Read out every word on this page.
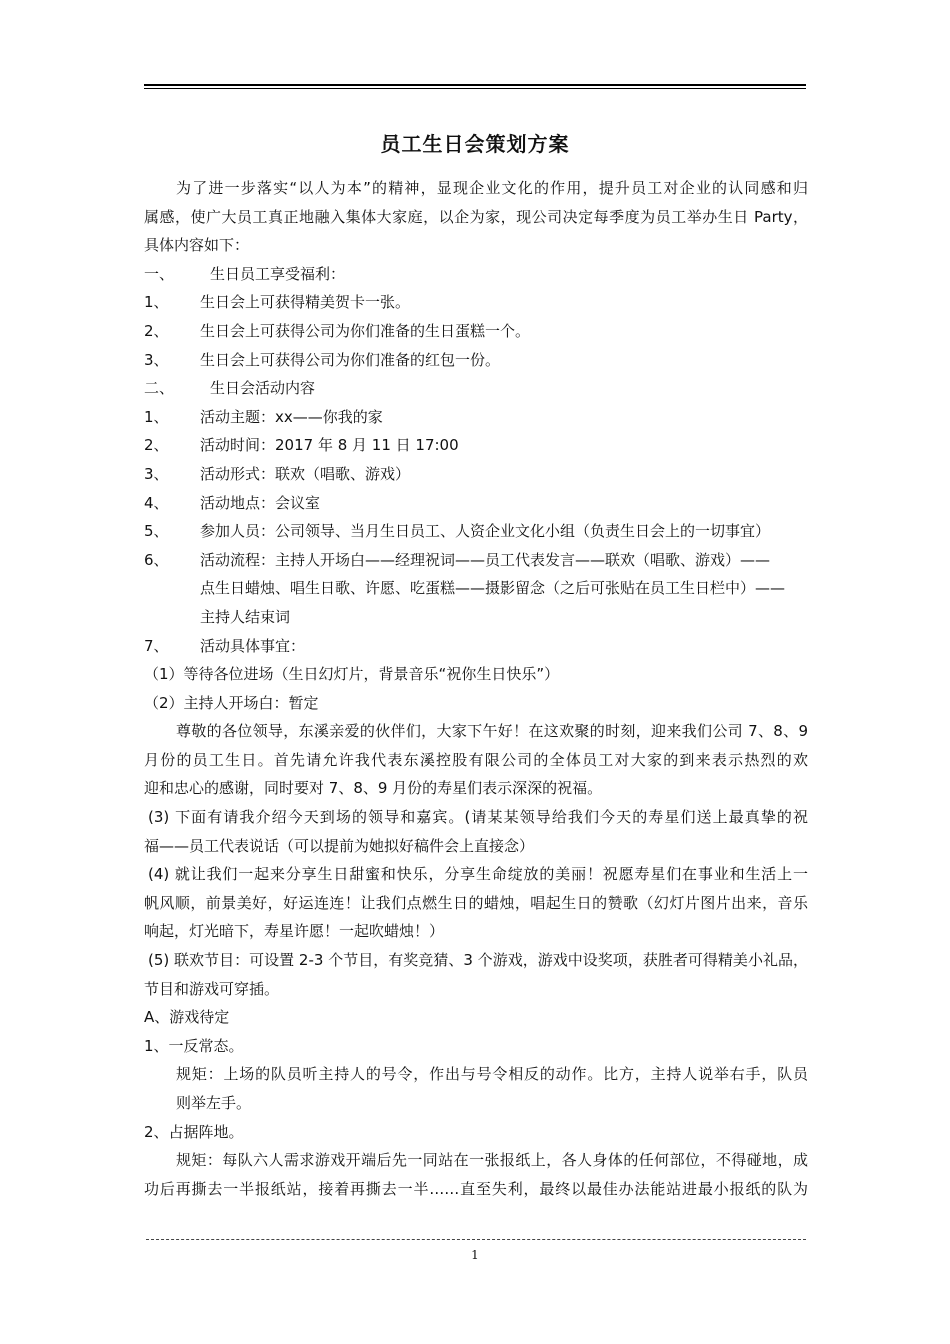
员工生日会策划方案
为了进一步落实“以人为本”的精神，显现企业文化的作用，提升员工对企业的认同感和归
属感，使广大员工真正地融入集体大家庭，以企为家，现公司决定每季度为员工举办生日 Party，
具体内容如下：
一、 生日员工享受福利：
1、 生日会上可获得精美贺卡一张。
2、 生日会上可获得公司为你们准备的生日蛋糕一个。
3、 生日会上可获得公司为你们准备的红包一份。
二、 生日会活动内容
1、 活动主题：xx——你我的家
2、 活动时间：2017 年 8 月 11 日 17:00
3、 活动形式：联欢（唱歌、游戏）
4、 活动地点：会议室
5、 参加人员：公司领导、当月生日员工、人资企业文化小组（负责生日会上的一切事宜）
6、 活动流程：主持人开场白——经理祝词——员工代表发言——联欢（唱歌、游戏）——
点生日蜡烛、唱生日歌、许愿、吃蛋糕——摄影留念（之后可张贴在员工生日栏中）——
主持人结束词
7、 活动具体事宜：
（1）等待各位进场（生日幻灯片，背景音乐“祝你生日快乐”）
（2）主持人开场白：暂定
尊敬的各位领导，东溪亲爱的伙伴们，大家下午好！在这欢聚的时刻，迎来我们公司 7、8、9
月份的员工生日。首先请允许我代表东溪控股有限公司的全体员工对大家的到来表示热烈的欢
迎和忠心的感谢，同时要对 7、8、9 月份的寿星们表示深深的祝福。
(3) 下面有请我介绍今天到场的领导和嘉宾。(请某某领导给我们今天的寿星们送上最真挚的祝
福——员工代表说话（可以提前为她拟好稿件会上直接念）
(4) 就让我们一起来分享生日甜蜜和快乐，分享生命绽放的美丽！祝愿寿星们在事业和生活上一
帆风顺，前景美好，好运连连！让我们点燃生日的蜡烛，唱起生日的赞歌（幻灯片图片出来，音乐
响起，灯光暗下，寿星许愿！一起吹蜡烛！）
(5) 联欢节目：可设置 2-3 个节目，有奖竞猜、3 个游戏，游戏中设奖项，获胜者可得精美小礼品，
节目和游戏可穿插。
A、游戏待定
1、一反常态。
规矩：上场的队员听主持人的号令，作出与号令相反的动作。比方，主持人说举右手，队员
则举左手。
2、占据阵地。
规矩：每队六人需求游戏开端后先一同站在一张报纸上，各人身体的任何部位，不得碰地，成
功后再撕去一半报纸站，接着再撕去一半……直至失利，最终以最佳办法能站进最小报纸的队为
1
